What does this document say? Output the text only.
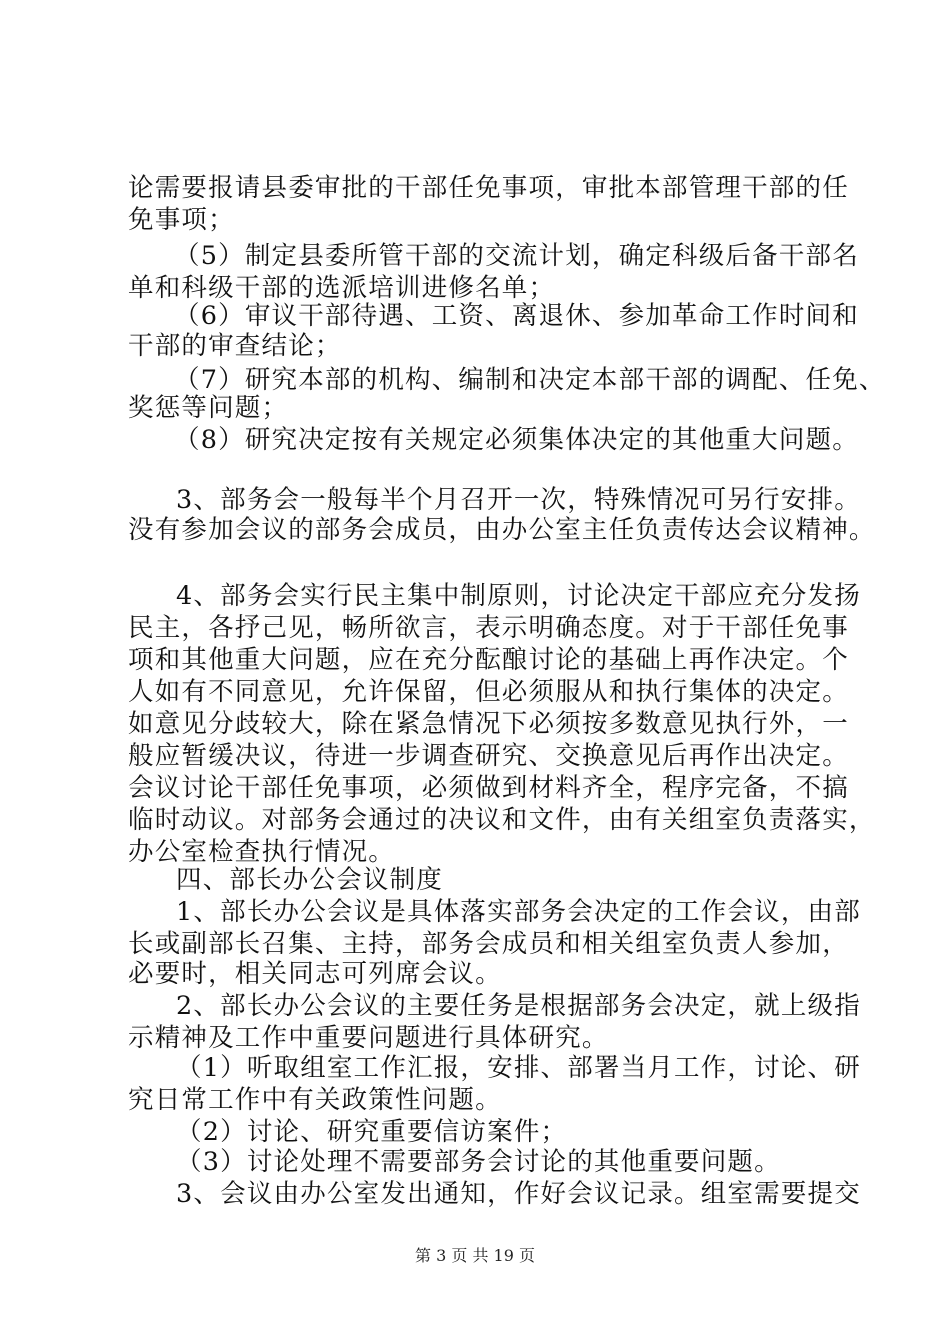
论需要报请县委审批的干部任免事项，审批本部管理干部的任
免事项；
（5）制定县委所管干部的交流计划，确定科级后备干部名
单和科级干部的选派培训进修名单；
（6）审议干部待遇、工资、离退休、参加革命工作时间和
干部的审查结论；
（7）研究本部的机构、编制和决定本部干部的调配、任免、
奖惩等问题；
（8）研究决定按有关规定必须集体决定的其他重大问题。
3、部务会一般每半个月召开一次，特殊情况可另行安排。
没有参加会议的部务会成员，由办公室主任负责传达会议精神。
4、部务会实行民主集中制原则，讨论决定干部应充分发扬
民主，各抒己见，畅所欲言，表示明确态度。对于干部任免事
项和其他重大问题，应在充分酝酿讨论的基础上再作决定。个
人如有不同意见，允许保留，但必须服从和执行集体的决定。
如意见分歧较大，除在紧急情况下必须按多数意见执行外，一
般应暂缓决议，待进一步调查研究、交换意见后再作出决定。
会议讨论干部任免事项，必须做到材料齐全，程序完备，不搞
临时动议。对部务会通过的决议和文件，由有关组室负责落实，
办公室检查执行情况。
四、部长办公会议制度
1、部长办公会议是具体落实部务会决定的工作会议，由部
长或副部长召集、主持，部务会成员和相关组室负责人参加，
必要时，相关同志可列席会议。
2、部长办公会议的主要任务是根据部务会决定，就上级指
示精神及工作中重要问题进行具体研究。
（1）听取组室工作汇报，安排、部署当月工作，讨论、研
究日常工作中有关政策性问题。
（2）讨论、研究重要信访案件；
（3）讨论处理不需要部务会讨论的其他重要问题。
3、会议由办公室发出通知，作好会议记录。组室需要提交
第 3 页 共 19 页
